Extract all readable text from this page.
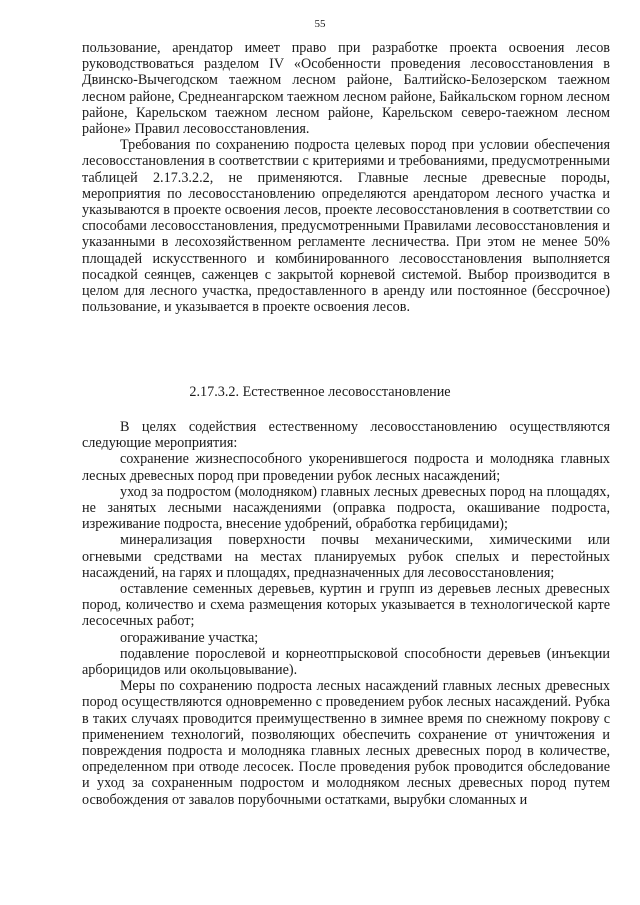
55

пользование, арендатор имеет право при разработке проекта освоения лесов руководствоваться разделом IV «Особенности проведения лесовосстановления в Двинско-Вычегодском таежном лесном районе, Балтийско-Белозерском таежном лесном районе, Среднеангарском таежном лесном районе, Байкальском горном лесном районе, Карельском таежном лесном районе, Карельском северо-таежном лесном районе» Правил лесовосстановления.

Требования по сохранению подроста целевых пород при условии обеспечения лесовосстановления в соответствии с критериями и требованиями, предусмотренными таблицей 2.17.3.2.2, не применяются. Главные лесные древесные породы, мероприятия по лесовосстановлению определяются арендатором лесного участка и указываются в проекте освоения лесов, проекте лесовосстановления в соответствии со способами лесовосстановления, предусмотренными Правилами лесовосстановления и указанными в лесохозяйственном регламенте лесничества. При этом не менее 50% площадей искусственного и комбинированного лесовосстановления выполняется посадкой сеянцев, саженцев с закрытой корневой системой. Выбор производится в целом для лесного участка, предоставленного в аренду или постоянное (бессрочное) пользование, и указывается в проекте освоения лесов.

2.17.3.2. Естественное лесовосстановление

В целях содействия естественному лесовосстановлению осуществляются следующие мероприятия:

сохранение жизнеспособного укоренившегося подроста и молодняка главных лесных древесных пород при проведении рубок лесных насаждений;

уход за подростом (молодняком) главных лесных древесных пород на площадях, не занятых лесными насаждениями (оправка подроста, окашивание подроста, изреживание подроста, внесение удобрений, обработка гербицидами);

минерализация поверхности почвы механическими, химическими или огневыми средствами на местах планируемых рубок спелых и перестойных насаждений, на гарях и площадях, предназначенных для лесовосстановления;

оставление семенных деревьев, куртин и групп из деревьев лесных древесных пород, количество и схема размещения которых указывается в технологической карте лесосечных работ;

огораживание участка;

подавление порослевой и корнеотпрысковой способности деревьев (инъекции арборицидов или окольцовывание).

Меры по сохранению подроста лесных насаждений главных лесных древесных пород осуществляются одновременно с проведением рубок лесных насаждений. Рубка в таких случаях проводится преимущественно в зимнее время по снежному покрову с применением технологий, позволяющих обеспечить сохранение от уничтожения и повреждения подроста и молодняка главных лесных древесных пород в количестве, определенном при отводе лесосек. После проведения рубок проводится обследование и уход за сохраненным подростом и молодняком лесных древесных пород путем освобождения от завалов порубочными остатками, вырубки сломанных и
